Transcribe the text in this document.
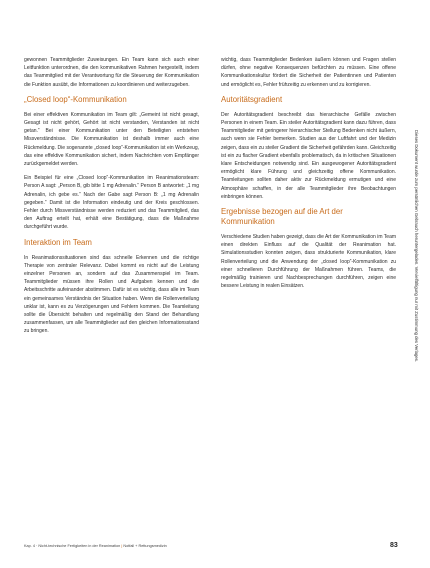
gewonnen Teammitglieder Zuweisungen. Ein Team kann sich auch einer Leitfunktion unterordnen, die den kommunikativen Rahmen hergestellt, indem das Teammitglied mit der Verantwortung für die Steuerung der Kommunikation die Funktion ausübt, die Informationen zu koordinieren und weiterzugeben.

„Closed loop“-Kommunikation

Bei einer effektiven Kommunikation im Team gilt: „Gemeint ist nicht gesagt, Gesagt ist nicht gehört, Gehört ist nicht verstanden, Verstanden ist nicht getan.“ Bei einer Kommunikation unter den Beteiligten entstehen Missverständnisse. Die Kommunikation ist deshalb immer auch eine Rückmeldung. Die sogenannte „closed loop“-Kommunikation ist ein Werkzeug, das eine effektive Kommunikation sichert, indem Nachrichten vom Empfänger zurückgemeldet werden.

Ein Beispiel für eine „Closed loop“-Kommunikation im Reanimationsteam: Person A sagt: „Person B, gib bitte 1 mg Adrenalin.“ Person B antwortet: „1 mg Adrenalin, ich gebe es.“ Nach der Gabe sagt Person B: „1 mg Adrenalin gegeben.“ Damit ist die Information eindeutig und der Kreis geschlossen. Fehler durch Missverständnisse werden reduziert und das Teammitglied, das den Auftrag erteilt hat, erhält eine Bestätigung, dass die Maßnahme durchgeführt wurde.

Interaktion im Team

In Reanimationssituationen sind das schnelle Erkennen und die richtige Therapie von zentraler Relevanz. Dabei kommt es nicht auf die Leistung einzelner Personen an, sondern auf das Zusammenspiel im Team. Teammitglieder müssen ihre Rollen und Aufgaben kennen und die Arbeitsschritte aufeinander abstimmen. Dafür ist es wichtig, dass alle im Team ein gemeinsames Verständnis der Situation haben. Wenn die Rollenverteilung unklar ist, kann es zu Verzögerungen und Fehlern kommen. Die Teamleitung sollte die Übersicht behalten und regelmäßig den Stand der Behandlung zusammenfassen, um alle Teammitglieder auf den gleichen Informationsstand zu bringen.

wichtig, dass Teammitglieder Bedenken äußern können und Fragen stellen dürfen, ohne negative Konsequenzen befürchten zu müssen. Eine offene Kommunikationskultur fördert die Sicherheit der Patientinnen und Patienten und ermöglicht es, Fehler frühzeitig zu erkennen und zu korrigieren.

Autoritätsgradient

Der Autoritätsgradient beschreibt das hierarchische Gefälle zwischen Personen in einem Team. Ein steiler Autoritätsgradient kann dazu führen, dass Teammitglieder mit geringerer hierarchischer Stellung Bedenken nicht äußern, auch wenn sie Fehler bemerken. Studien aus der Luftfahrt und der Medizin zeigen, dass ein zu steiler Gradient die Sicherheit gefährden kann. Gleichzeitig ist ein zu flacher Gradient ebenfalls problematisch, da in kritischen Situationen klare Entscheidungen notwendig sind. Ein ausgewogener Autoritätsgradient ermöglicht klare Führung und gleichzeitig offene Kommunikation. Teamleitungen sollten daher aktiv zur Rückmeldung ermutigen und eine Atmosphäre schaffen, in der alle Teammitglieder ihre Beobachtungen einbringen können.

Ergebnisse bezogen auf die Art der Kommunikation

Verschiedene Studien haben gezeigt, dass die Art der Kommunikation im Team einen direkten Einfluss auf die Qualität der Reanimation hat. Simulationsstudien konnten zeigen, dass strukturierte Kommunikation, klare Rollenverteilung und die Anwendung der „closed loop“-Kommunikation zu einer schnelleren Durchführung der Maßnahmen führen. Teams, die regelmäßig trainieren und Nachbesprechungen durchführen, zeigen eine bessere Leistung in realen Einsätzen.	Dieses Dokument wurde zum persönlichen Gebrauch heruntergeladen. Vervielfältigung nur mit Zustimmung des Verlages.
Kap. 4 · Nicht-technische Fertigkeiten in der Reanimation | Notfall + Rettungsmedizin	83
